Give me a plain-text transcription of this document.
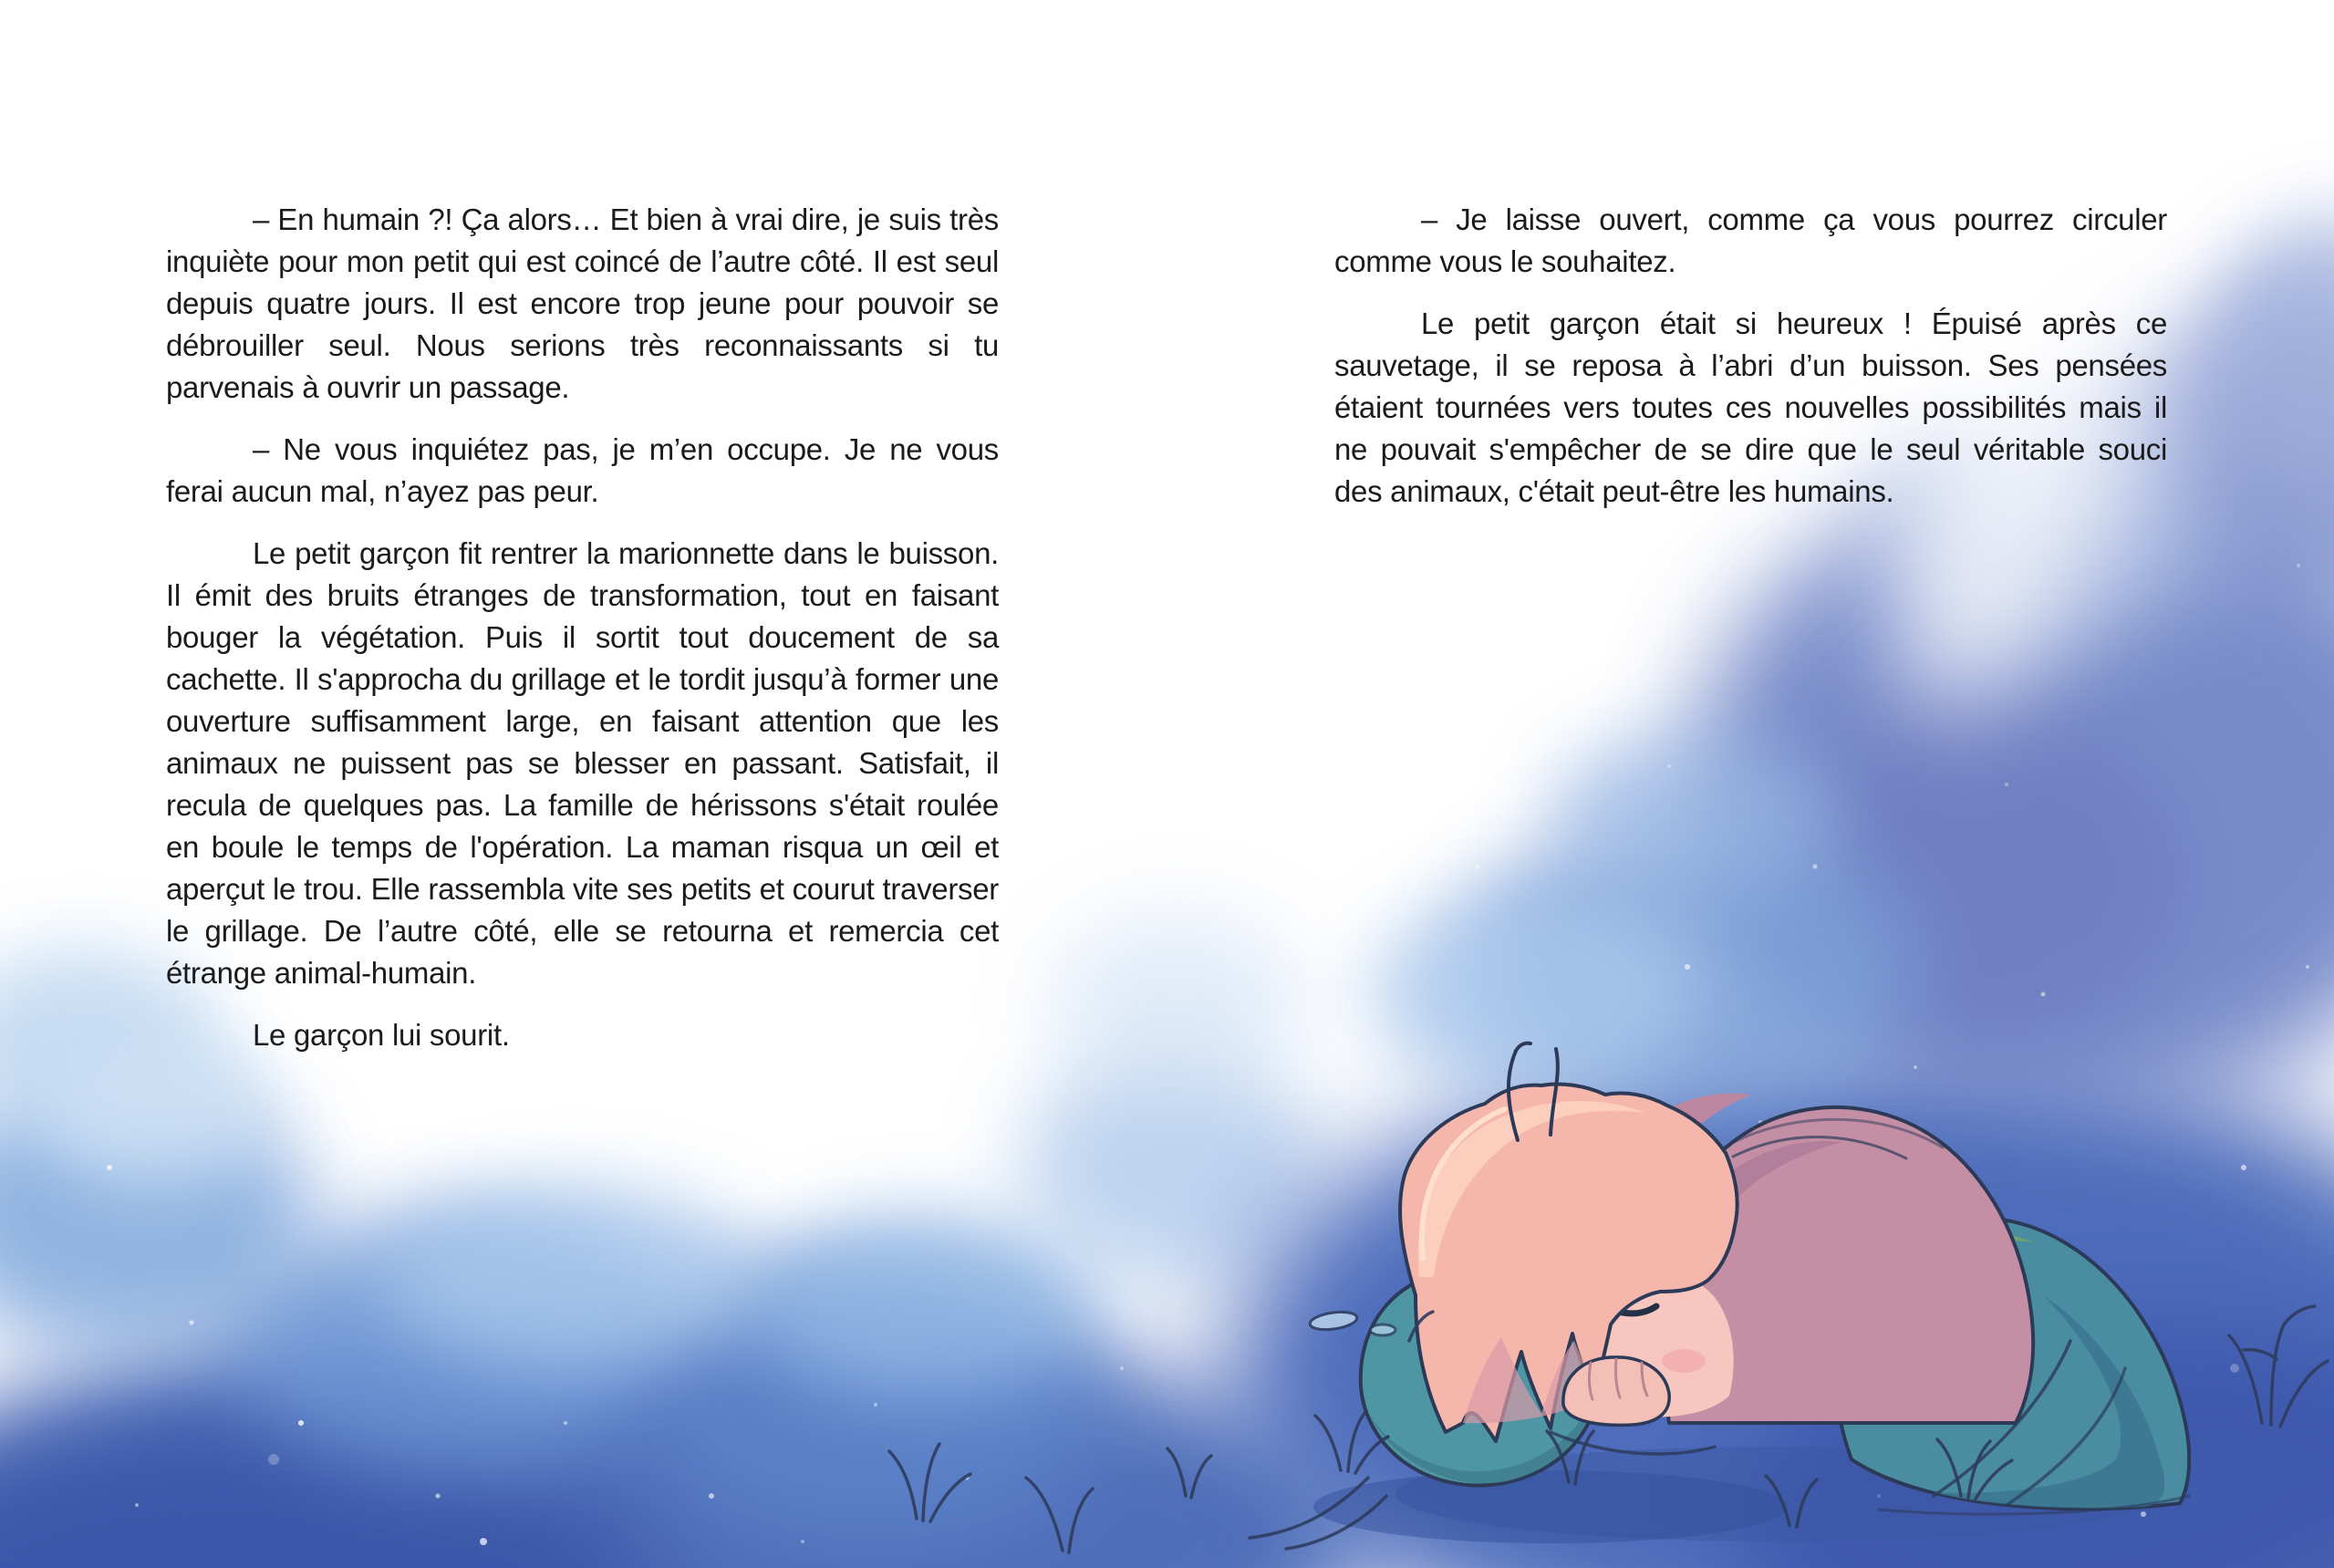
– En humain ?! Ça alors… Et bien à vrai dire, je suis très inquiète pour mon petit qui est coincé de l’autre côté. Il est seul depuis quatre jours. Il est encore trop jeune pour pouvoir se débrouiller seul. Nous serions très reconnaissants si tu parvenais à ouvrir un passage.

– Ne vous inquiétez pas, je m’en occupe. Je ne vous ferai aucun mal, n’ayez pas peur.

Le petit garçon fit rentrer la marionnette dans le buisson. Il émit des bruits étranges de transformation, tout en faisant bouger la végétation. Puis il sortit tout doucement de sa cachette. Il s'approcha du grillage et le tordit jusqu’à former une ouverture suffisamment large, en faisant attention que les animaux ne puissent pas se blesser en passant. Satisfait, il recula de quelques pas. La famille de hérissons s'était roulée en boule le temps de l'opération. La maman risqua un œil et aperçut le trou. Elle rassembla vite ses petits et courut traverser le grillage. De l’autre côté, elle se retourna et remercia cet étrange animal-humain.

Le garçon lui sourit.

– Je laisse ouvert, comme ça vous pourrez circuler comme vous le souhaitez.

Le petit garçon était si heureux ! Épuisé après ce sauvetage, il se reposa à l’abri d’un buisson. Ses pensées étaient tournées vers toutes ces nouvelles possibilités mais il ne pouvait s'empêcher de se dire que le seul véritable souci des animaux, c'était peut-être les humains.
